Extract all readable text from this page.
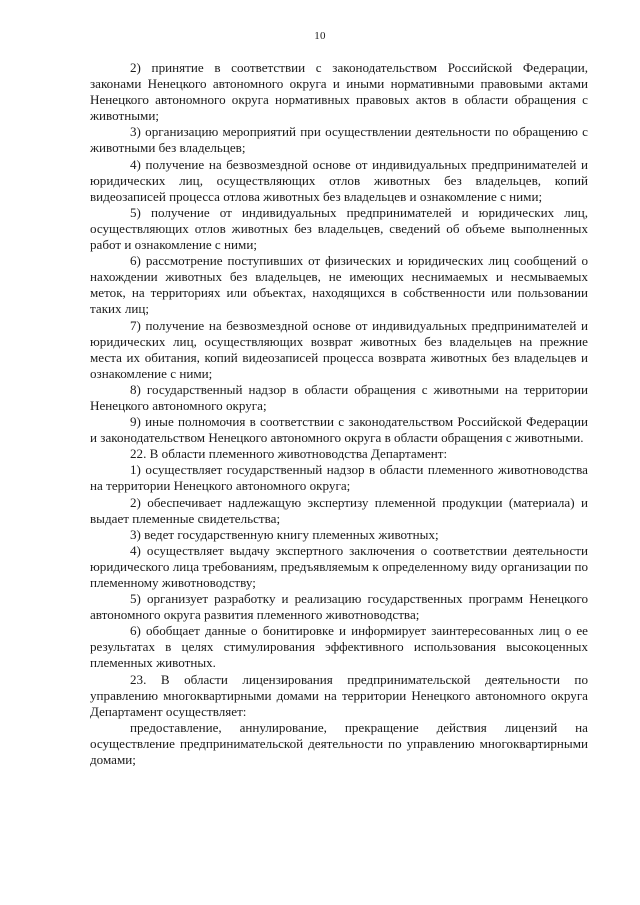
10

2) принятие в соответствии с законодательством Российской Федерации, законами Ненецкого автономного округа и иными нормативными правовыми актами Ненецкого автономного округа нормативных правовых актов в области обращения с животными;

3) организацию мероприятий при осуществлении деятельности по обращению с животными без владельцев;

4) получение на безвозмездной основе от индивидуальных предпринимателей и юридических лиц, осуществляющих отлов животных без владельцев, копий видеозаписей процесса отлова животных без владельцев и ознакомление с ними;

5) получение от индивидуальных предпринимателей и юридических лиц, осуществляющих отлов животных без владельцев, сведений об объеме выполненных работ и ознакомление с ними;

6) рассмотрение поступивших от физических и юридических лиц сообщений о нахождении животных без владельцев, не имеющих неснимаемых и несмываемых меток, на территориях или объектах, находящихся в собственности или пользовании таких лиц;

7) получение на безвозмездной основе от индивидуальных предпринимателей и юридических лиц, осуществляющих возврат животных без владельцев на прежние места их обитания, копий видеозаписей процесса возврата животных без владельцев и ознакомление с ними;

8) государственный надзор в области обращения с животными на территории Ненецкого автономного округа;

9) иные полномочия в соответствии с законодательством Российской Федерации и законодательством Ненецкого автономного округа в области обращения с животными.

22. В области племенного животноводства Департамент:

1) осуществляет государственный надзор в области племенного животноводства на территории Ненецкого автономного округа;

2) обеспечивает надлежащую экспертизу племенной продукции (материала) и выдает племенные свидетельства;

3) ведет государственную книгу племенных животных;

4) осуществляет выдачу экспертного заключения о соответствии деятельности юридического лица требованиям, предъявляемым к определенному виду организации по племенному животноводству;

5) организует разработку и реализацию государственных программ Ненецкого автономного округа развития племенного животноводства;

6) обобщает данные о бонитировке и информирует заинтересованных лиц о ее результатах в целях стимулирования эффективного использования высокоценных племенных животных.

23. В области лицензирования предпринимательской деятельности по управлению многоквартирными домами на территории Ненецкого автономного округа Департамент осуществляет:

предоставление, аннулирование, прекращение действия лицензий на осуществление предпринимательской деятельности по управлению многоквартирными домами;
